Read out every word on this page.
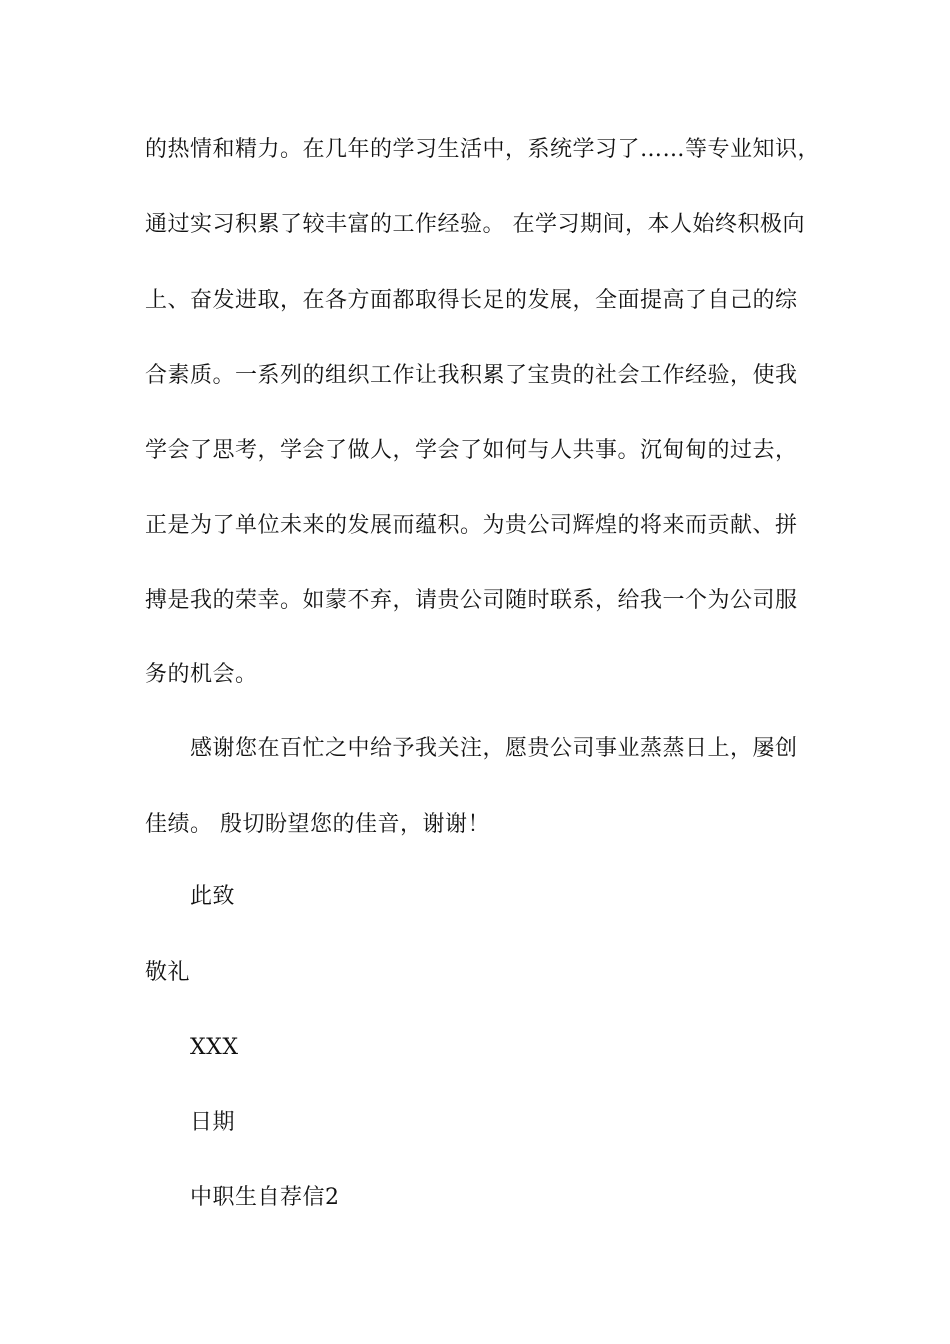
的热情和精力。在几年的学习生活中，系统学习了……等专业知识，
通过实习积累了较丰富的工作经验。 在学习期间，本人始终积极向
上、奋发进取，在各方面都取得长足的发展，全面提高了自己的综
合素质。一系列的组织工作让我积累了宝贵的社会工作经验，使我
学会了思考，学会了做人，学会了如何与人共事。沉甸甸的过去，
正是为了单位未来的发展而蕴积。为贵公司辉煌的将来而贡献、拼
搏是我的荣幸。如蒙不弃，请贵公司随时联系，给我一个为公司服
务的机会。
感谢您在百忙之中给予我关注，愿贵公司事业蒸蒸日上，屡创
佳绩。 殷切盼望您的佳音，谢谢！
此致
敬礼
XXX
日期
中职生自荐信2
